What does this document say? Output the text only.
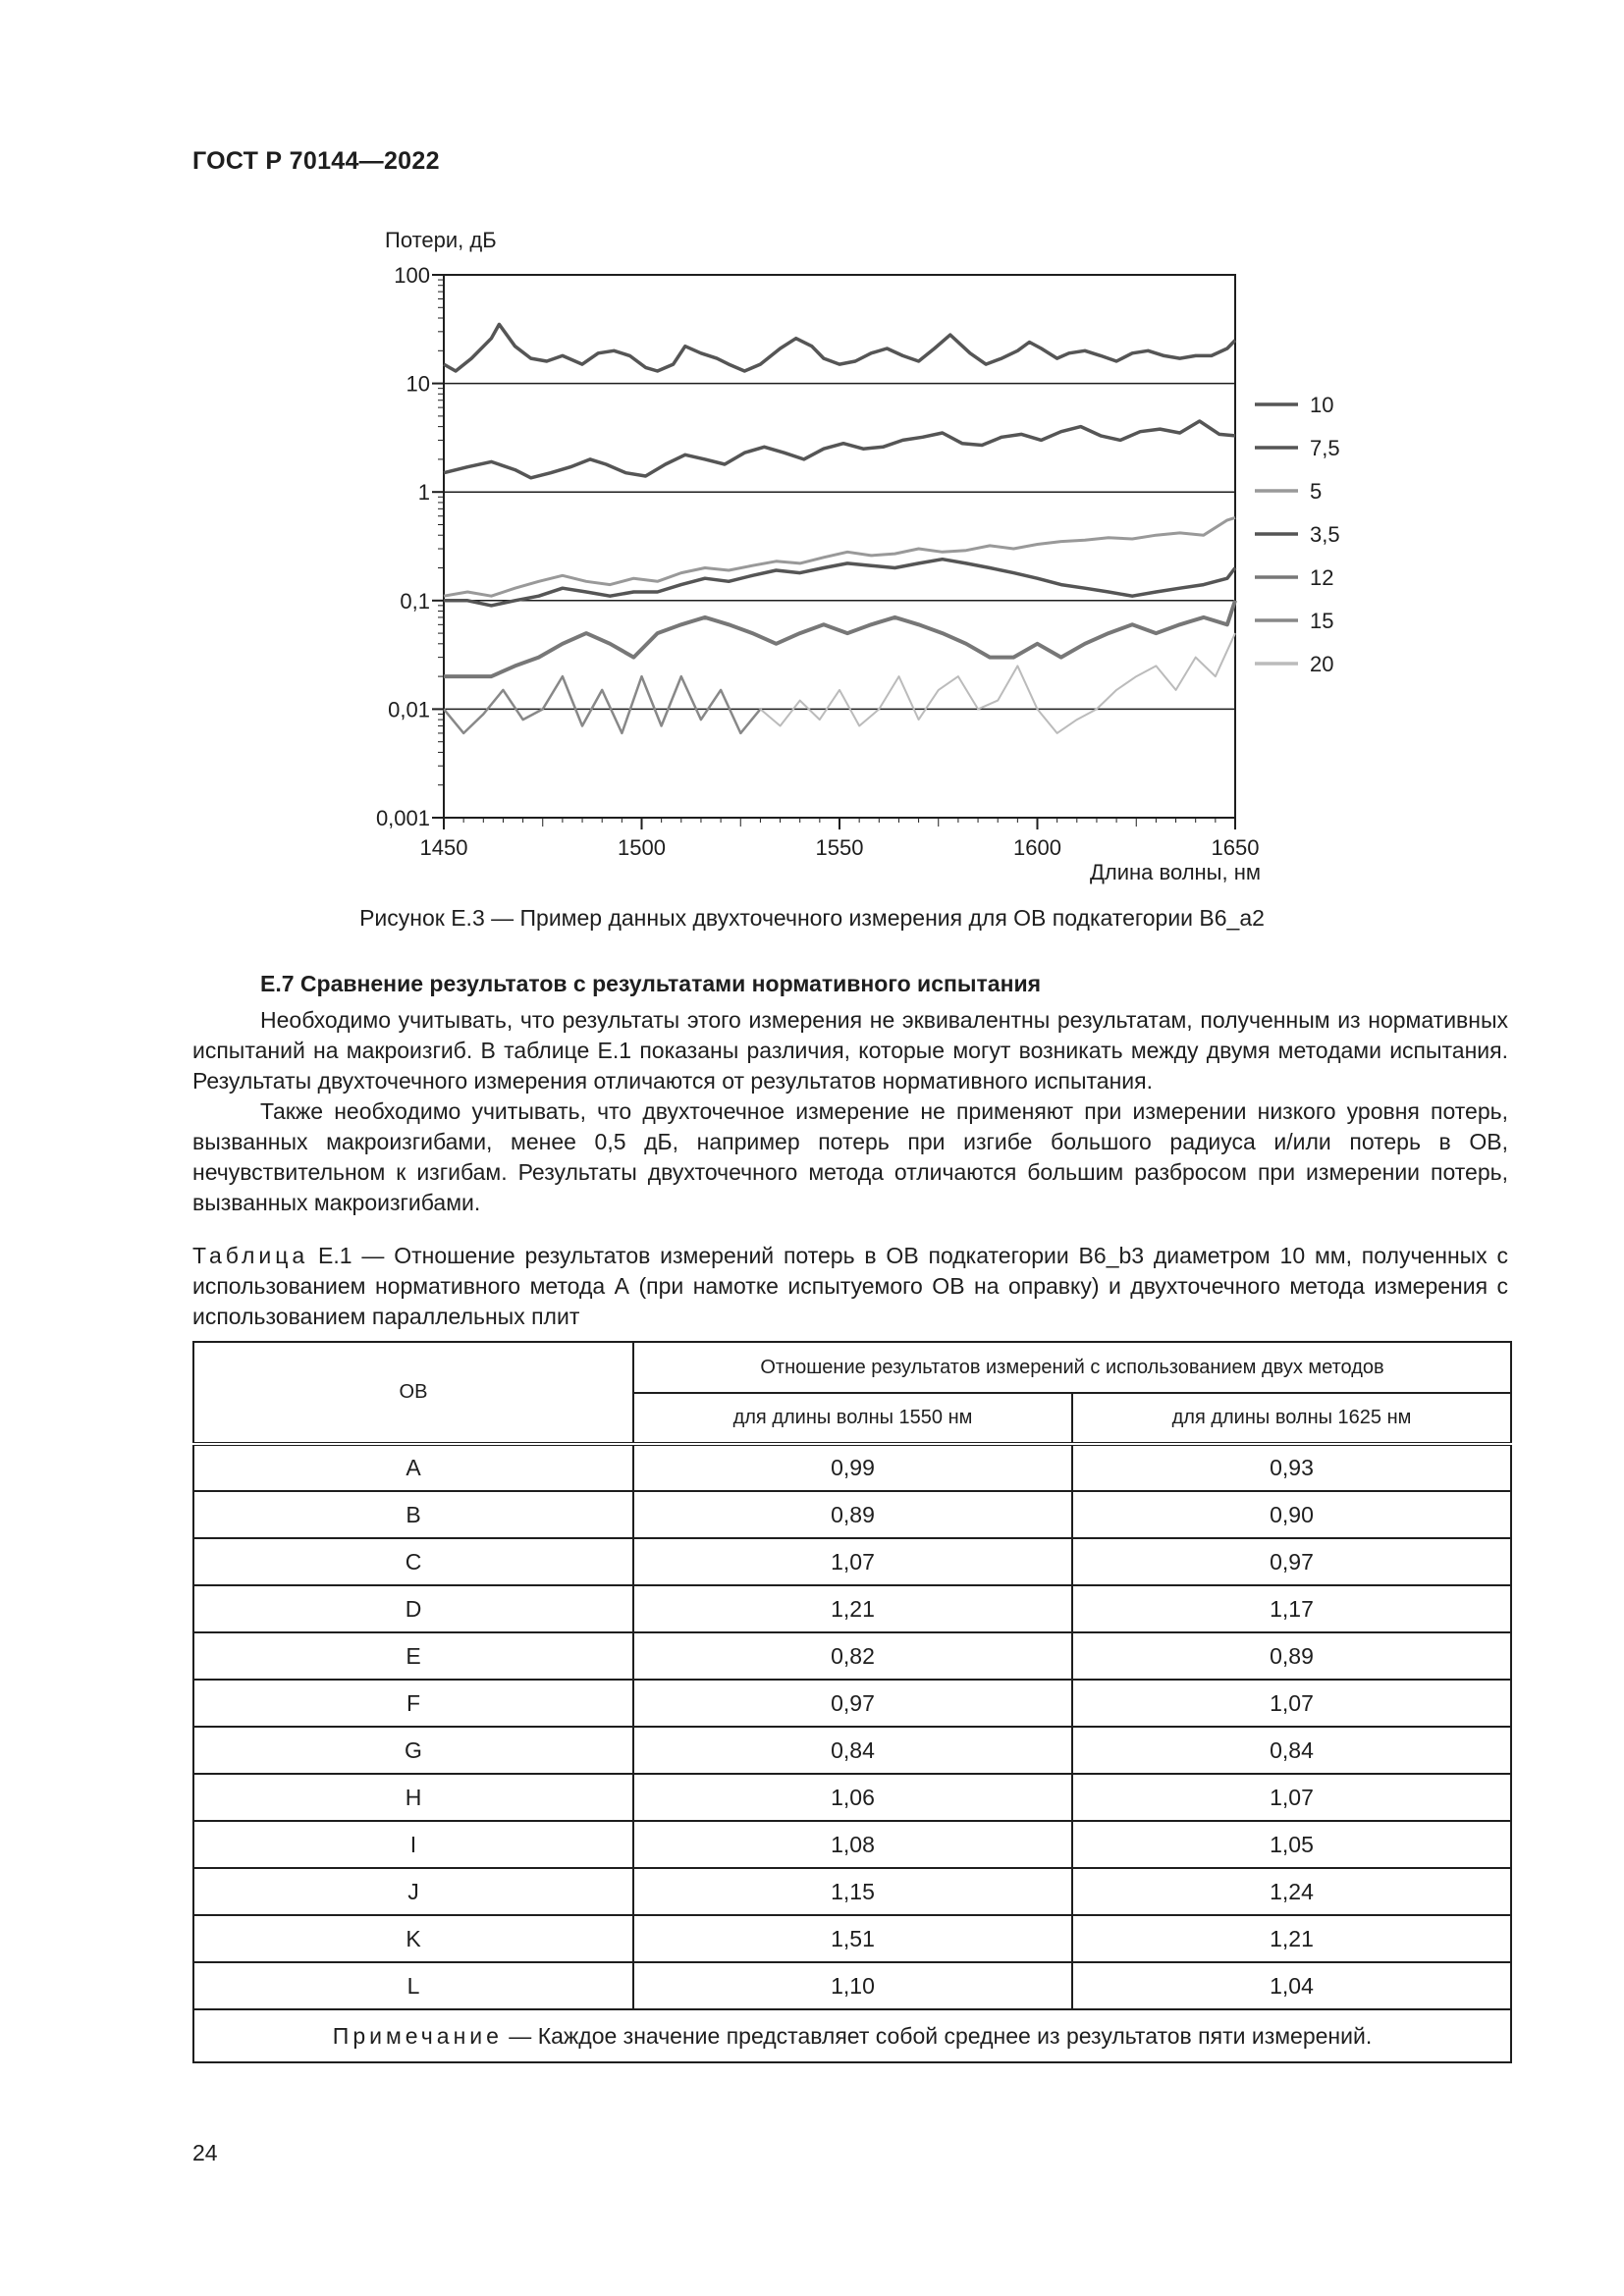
ГОСТ Р 70144—2022
Потери, дБ
0,001
0,01
0,1
1
10
100
1450	1500	1550	1600	1650
10
7,5
5
3,5
12
15
20
Длина волны, нм
Рисунок Е.3 — Пример данных двухточечного измерения для ОВ подкатегории B6_a2
Е.7 Сравнение результатов с результатами нормативного испытания
Необходимо учитывать, что результаты этого измерения не эквивалентны результатам, полученным из нормативных испытаний на макроизгиб. В таблице Е.1 показаны различия, которые могут возникать между двумя методами испытания. Результаты двухточечного измерения отличаются от результатов нормативного испытания.
Также необходимо учитывать, что двухточечное измерение не применяют при измерении низкого уровня потерь, вызванных макроизгибами, менее 0,5 дБ, например потерь при изгибе большого радиуса и/или потерь в ОВ, нечувствительном к изгибам. Результаты двухточечного метода отличаются большим разбросом при измерении потерь, вызванных макроизгибами.
Таблица Е.1 — Отношение результатов измерений потерь в ОВ подкатегории B6_b3 диаметром 10 мм, полученных с использованием нормативного метода А (при намотке испытуемого ОВ на оправку) и двухточечного метода измерения с использованием параллельных плит
ОВ	Отношение результатов измерений с использованием двух методов	
	для длины волны 1550 нм	для длины волны 1625 нм
A	0,99	0,93
B	0,89	0,90
C	1,07	0,97
D	1,21	1,17
E	0,82	0,89
F	0,97	1,07
G	0,84	0,84
H	1,06	1,07
I	1,08	1,05
J	1,15	1,24
K	1,51	1,21
L	1,10	1,04
Примечание — Каждое значение представляет собой среднее из результатов пяти измерений.		
24
